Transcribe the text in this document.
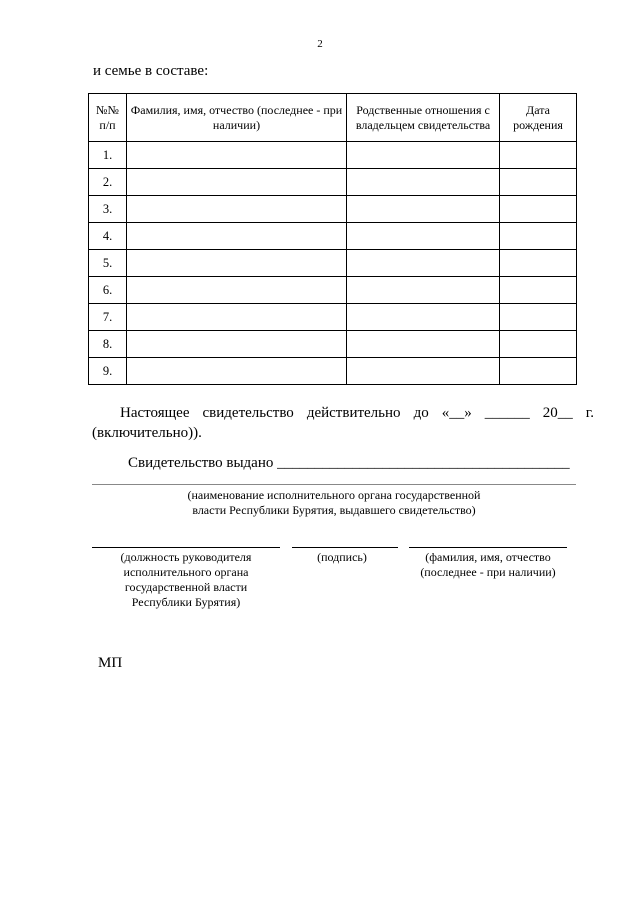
2
и семье в составе:
№№ п/п	Фамилия, имя, отчество (последнее - при наличии)	Родственные отношения с владельцем свидетельства	Дата рождения
1.			
2.			
3.			
4.			
5.			
6.			
7.			
8.			
9.			
Настоящее свидетельство действительно до «__» ______ 20__ г.
(включительно)).
Свидетельство выдано _______________________________________
(наименование исполнительного органа государственной
власти Республики Бурятия, выдавшего свидетельство)
(должность руководителя
исполнительного органа
государственной власти
Республики Бурятия)
(подпись)	(фамилия, имя, отчество
(последнее - при наличии)
МП
